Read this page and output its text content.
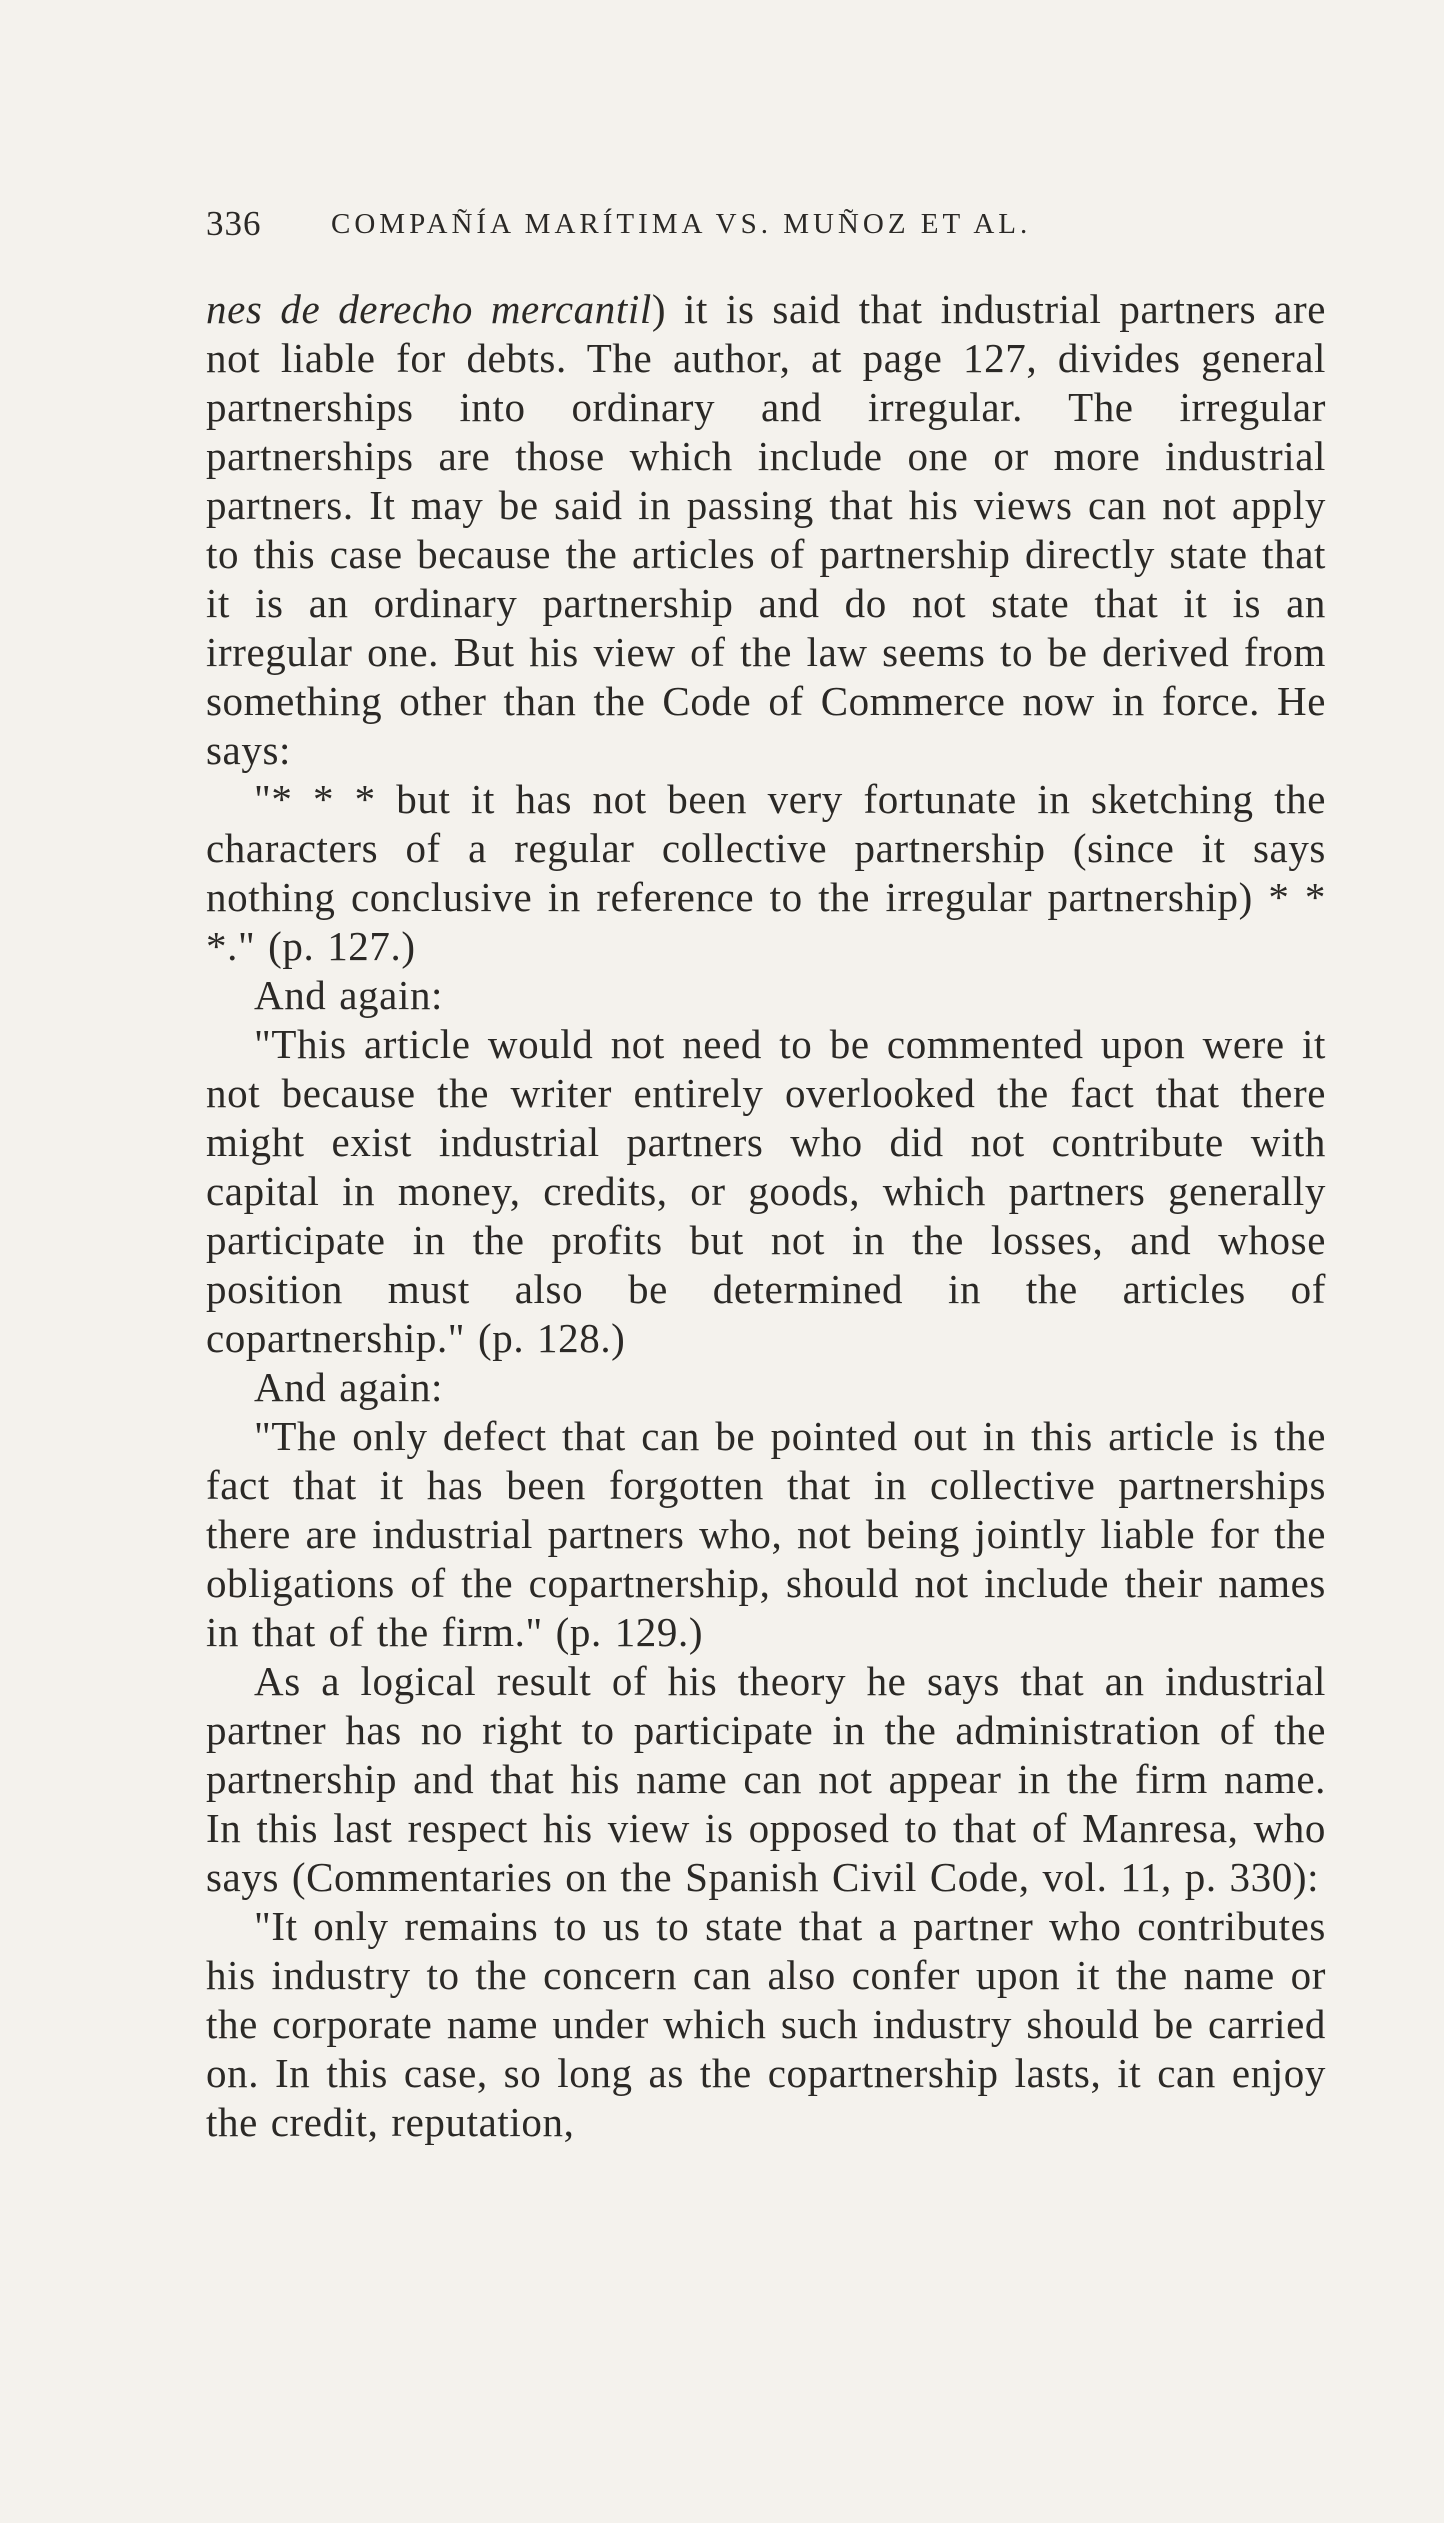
336 COMPAÑÍA MARÍTIMA VS. MUÑOZ ET AL.

nes de derecho mercantil) it is said that industrial partners are not liable for debts. The author, at page 127, divides general partnerships into ordinary and irregular. The irregular partnerships are those which include one or more industrial partners. It may be said in passing that his views can not apply to this case because the articles of partnership directly state that it is an ordinary partnership and do not state that it is an irregular one. But his view of the law seems to be derived from something other than the Code of Commerce now in force. He says:

"* * * but it has not been very fortunate in sketching the characters of a regular collective partnership (since it says nothing conclusive in reference to the irregular partnership) * * *." (p. 127.)

And again:

"This article would not need to be commented upon were it not because the writer entirely overlooked the fact that there might exist industrial partners who did not contribute with capital in money, credits, or goods, which partners generally participate in the profits but not in the losses, and whose position must also be determined in the articles of copartnership." (p. 128.)

And again:

"The only defect that can be pointed out in this article is the fact that it has been forgotten that in collective partnerships there are industrial partners who, not being jointly liable for the obligations of the copartnership, should not include their names in that of the firm." (p. 129.)

As a logical result of his theory he says that an industrial partner has no right to participate in the administration of the partnership and that his name can not appear in the firm name. In this last respect his view is opposed to that of Manresa, who says (Commentaries on the Spanish Civil Code, vol. 11, p. 330):

"It only remains to us to state that a partner who contributes his industry to the concern can also confer upon it the name or the corporate name under which such industry should be carried on. In this case, so long as the copartnership lasts, it can enjoy the credit, reputation,
